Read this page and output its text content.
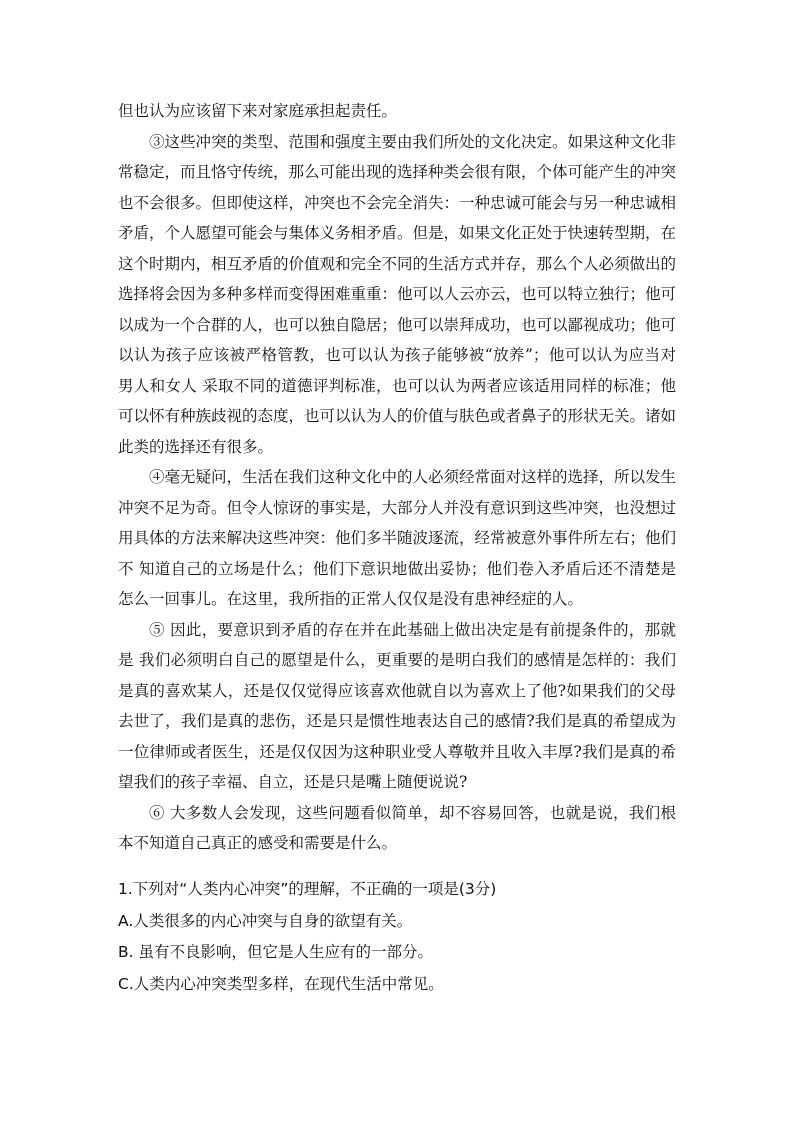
但也认为应该留下来对家庭承担起责任。

③这些冲突的类型、范围和强度主要由我们所处的文化决定。如果这种文化非常稳定，而且恪守传统，那么可能出现的选择种类会很有限，个体可能产生的冲突也不会很多。但即使这样，冲突也不会完全消失：一种忠诚可能会与另一种忠诚相矛盾，个人愿望可能会与集体义务相矛盾。但是，如果文化正处于快速转型期，在这个时期内，相互矛盾的价值观和完全不同的生活方式并存，那么个人必须做出的选择将会因为多种多样而变得困难重重：他可以人云亦云，也可以特立独行；他可以成为一个合群的人，也可以独自隐居；他可以崇拜成功，也可以鄙视成功；他可以认为孩子应该被严格管教，也可以认为孩子能够被“放养”；他可以认为应当对男人和女人 采取不同的道德评判标准，也可以认为两者应该适用同样的标准；他可以怀有种族歧视的态度，也可以认为人的价值与肤色或者鼻子的形状无关。诸如此类的选择还有很多。

④毫无疑问，生活在我们这种文化中的人必须经常面对这样的选择，所以发生 冲突不足为奇。但令人惊讶的事实是，大部分人并没有意识到这些冲突，也没想过用具体的方法来解决这些冲突：他们多半随波逐流，经常被意外事件所左右；他们不 知道自己的立场是什么；他们下意识地做出妥协；他们卷入矛盾后还不清楚是怎么一回事儿。在这里，我所指的正常人仅仅是没有患神经症的人。

⑤ 因此，要意识到矛盾的存在并在此基础上做出决定是有前提条件的，那就是 我们必须明白自己的愿望是什么，更重要的是明白我们的感情是怎样的：我们是真的喜欢某人，还是仅仅觉得应该喜欢他就自以为喜欢上了他?如果我们的父母去世了，我们是真的悲伤，还是只是惯性地表达自己的感情?我们是真的希望成为一位律师或者医生，还是仅仅因为这种职业受人尊敬并且收入丰厚?我们是真的希望我们的孩子幸福、自立，还是只是嘴上随便说说?

⑥ 大多数人会发现，这些问题看似简单，却不容易回答，也就是说，我们根本不知道自己真正的感受和需要是什么。

1.下列对“人类内心冲突”的理解，不正确的一项是(3分)

A.人类很多的内心冲突与自身的欲望有关。

B. 虽有不良影响，但它是人生应有的一部分。

C.人类内心冲突类型多样，在现代生活中常见。
